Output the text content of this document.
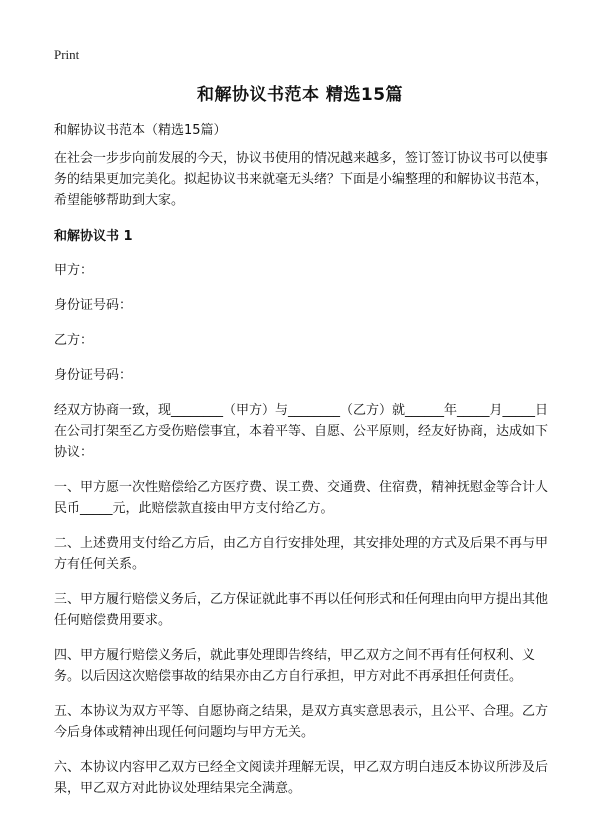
Print
和解协议书范本 精选15篇

和解协议书范本（精选15篇）

在社会一步步向前发展的今天，协议书使用的情况越来越多，签订签订协议书可以使事务的结果更加完美化。拟起协议书来就毫无头绪？下面是小编整理的和解协议书范本，希望能够帮助到大家。

和解协议书 1

甲方：

身份证号码：

乙方：

身份证号码：

经双方协商一致，现________（甲方）与________（乙方）就______年_____月_____日在公司打架至乙方受伤赔偿事宜，本着平等、自愿、公平原则，经友好协商，达成如下协议：

一、甲方愿一次性赔偿给乙方医疗费、误工费、交通费、住宿费，精神抚慰金等合计人民币_____元，此赔偿款直接由甲方支付给乙方。

二、上述费用支付给乙方后，由乙方自行安排处理，其安排处理的方式及后果不再与甲方有任何关系。

三、甲方履行赔偿义务后，乙方保证就此事不再以任何形式和任何理由向甲方提出其他任何赔偿费用要求。

四、甲方履行赔偿义务后，就此事处理即告终结，甲乙双方之间不再有任何权利、义务。以后因这次赔偿事故的结果亦由乙方自行承担，甲方对此不再承担任何责任。

五、本协议为双方平等、自愿协商之结果，是双方真实意思表示，且公平、合理。乙方今后身体或精神出现任何问题均与甲方无关。

六、本协议内容甲乙双方已经全文阅读并理解无误，甲乙双方明白违反本协议所涉及后果，甲乙双方对此协议处理结果完全满意。
